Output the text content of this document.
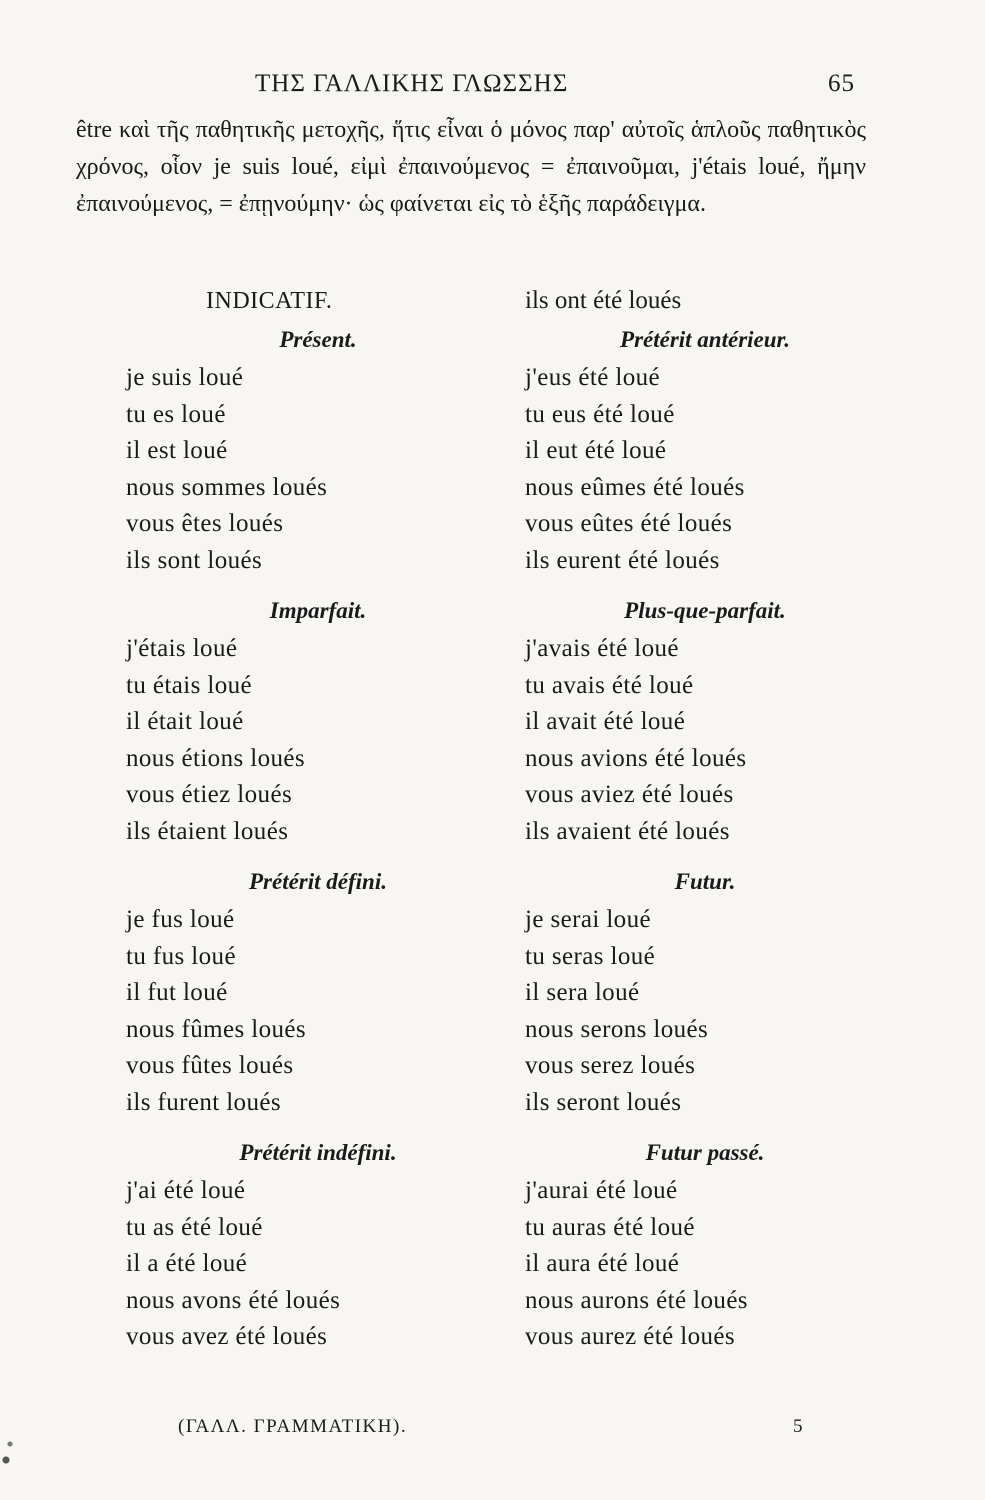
ΤΗΣ ΓΑΛΛΙΚΗΣ ΓΛΩΣΣΗΣ	65

être καὶ τῆς παθητικῆς μετοχῆς, ἥτις εἶναι ὁ μόνος παρ' αὐτοῖς ἁπλοῦς παθητικὸς χρόνος, οἷον je suis loué, εἰμὶ ἐπαινούμενος = ἐπαινοῦμαι, j'étais loué, ἤμην ἐπαινούμενος, = ἐπῃνούμην· ὡς φαίνεται εἰς τὸ ἑξῆς παράδειγμα.

INDICATIF.
Présent.
je suis loué
tu es loué
il est loué
nous sommes loués
vous êtes loués
ils sont loués
Imparfait.
j'étais loué
tu étais loué
il était loué
nous étions loués
vous étiez loués
ils étaient loués
Prétérit défini.
je fus loué
tu fus loué
il fut loué
nous fûmes loués
vous fûtes loués
ils furent loués
Prétérit indéfini.
j'ai été loué
tu as été loué
il a été loué
nous avons été loués
vous avez été loués
ils ont été loués
Prétérit antérieur.
j'eus été loué
tu eus été loué
il eut été loué
nous eûmes été loués
vous eûtes été loués
ils eurent été loués
Plus-que-parfait.
j'avais été loué
tu avais été loué
il avait été loué
nous avions été loués
vous aviez été loués
ils avaient été loués
Futur.
je serai loué
tu seras loué
il sera loué
nous serons loués
vous serez loués
ils seront loués
Futur passé.
j'aurai été loué
tu auras été loué
il aura été loué
nous aurons été loués
vous aurez été loués
(ΓΑΛΛ. ΓΡΑΜΜΑΤΙΚΗ).	5
